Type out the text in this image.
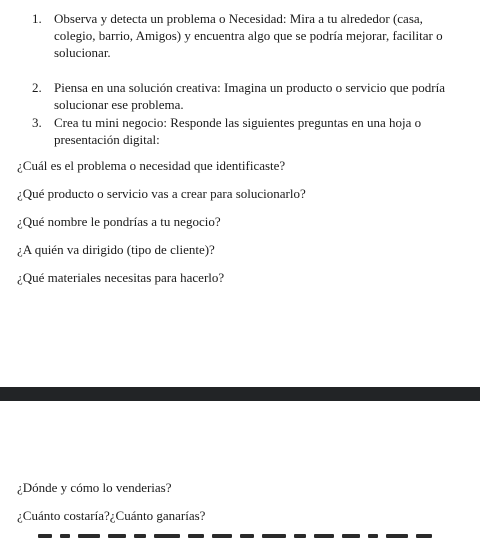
1. Observa y detecta un problema o Necesidad: Mira a tu alrededor (casa,
colegio, barrio, Amigos) y encuentra algo que se podría mejorar, facilitar o
solucionar.
2. Piensa en una solución creativa: Imagina un producto o servicio que podría
solucionar ese problema.
3. Crea tu mini negocio: Responde las siguientes preguntas en una hoja o
presentación digital:
¿Cuál es el problema o necesidad que identificaste?
¿Qué producto o servicio vas a crear para solucionarlo?
¿Qué nombre le pondrías a tu negocio?
¿A quién va dirigido (tipo de cliente)?
¿Qué materiales necesitas para hacerlo?
¿Dónde y cómo lo venderias?
¿Cuánto costaría?¿Cuánto ganarías?
